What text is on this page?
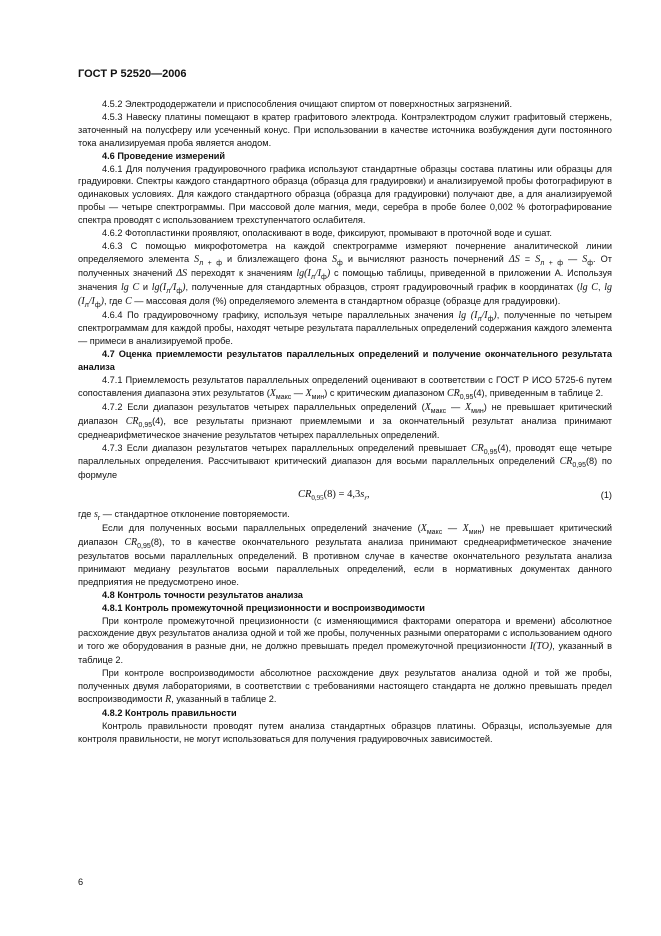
ГОСТ Р 52520—2006

4.5.2 Электрододержатели и приспособления очищают спиртом от поверхностных загрязнений.

4.5.3 Навеску платины помещают в кратер графитового электрода. Контрэлектродом служит графитовый стержень, заточенный на полусферу или усеченный конус. При использовании в качестве источника возбуждения дуги постоянного тока анализируемая проба является анодом.

4.6 Проведение измерений

4.6.1 Для получения градуировочного графика используют стандартные образцы состава платины или образцы для градуировки. Спектры каждого стандартного образца (образца для градуировки) и анализируемой пробы фотографируют в одинаковых условиях. Для каждого стандартного образца (образца для градуировки) получают две, а для анализируемой пробы — четыре спектрограммы. При массовой доле магния, меди, серебра в пробе более 0,002 % фотографирование спектра проводят с использованием трехступенчатого ослабителя.

4.6.2 Фотопластинки проявляют, ополаскивают в воде, фиксируют, промывают в проточной воде и сушат.

4.6.3 С помощью микрофотометра на каждой спектрограмме измеряют почернение аналитической линии определяемого элемента $S_{л + ф}$ и близлежащего фона $S_ф$ и вычисляют разность почернений $\Delta S = S_{л + ф}$ — $S_ф$. От полученных значений ΔS переходят к значениям $\lg(I_л/I_ф)$ с помощью таблицы, приведенной в приложении А. Используя значения lg C и $\lg(I_л/I_ф)$, полученные для стандартных образцов, строят градуировочный график в координатах (lg C, $\lg (I_л/I_ф)$, где C — массовая доля (%) определяемого элемента в стандартном образце (образце для градуировки).

4.6.4 По градуировочному графику, используя четыре параллельных значения $\lg (I_л/I_ф)$, полученные по четырем спектрограммам для каждой пробы, находят четыре результата параллельных определений содержания каждого элемента — примеси в анализируемой пробе.

4.7 Оценка приемлемости результатов параллельных определений и получение окончательного результата анализа

4.7.1 Приемлемость результатов параллельных определений оценивают в соответствии с ГОСТ Р ИСО 5725-6 путем сопоставления диапазона этих результатов ($X_{макс}$ — $X_{мин}$) с критическим диапазоном $CR_{0,95}(4)$, приведенным в таблице 2.

4.7.2 Если диапазон результатов четырех параллельных определений ($X_{макс}$ — $X_{мин}$) не превышает критический диапазон $CR_{0,95}(4)$, все результаты признают приемлемыми и за окончательный результат анализа принимают среднеарифметическое значение результатов четырех параллельных определений.

4.7.3 Если диапазон результатов четырех параллельных определений превышает $CR_{0,95}(4)$, проводят еще четыре параллельных определения. Рассчитывают критический диапазон для восьми параллельных определений $CR_{0,95}(8)$ по формуле

$CR_{0,95}(8) = 4,3s_r$,	(1)

где $s_r$ — стандартное отклонение повторяемости.

Если для полученных восьми параллельных определений значение ($X_{макс}$ — $X_{мин}$) не превышает критический диапазон $CR_{0,95}(8)$, то в качестве окончательного результата анализа принимают среднеарифметическое значение результатов восьми параллельных определений. В противном случае в качестве окончательного результата анализа принимают медиану результатов восьми параллельных определений, если в нормативных документах данного предприятия не предусмотрено иное.

4.8 Контроль точности результатов анализа

4.8.1 Контроль промежуточной прецизионности и воспроизводимости

При контроле промежуточной прецизионности (с изменяющимися факторами оператора и времени) абсолютное расхождение двух результатов анализа одной и той же пробы, полученных разными операторами с использованием одного и того же оборудования в разные дни, не должно превышать предел промежуточной прецизионности I(TO), указанный в таблице 2.

При контроле воспроизводимости абсолютное расхождение двух результатов анализа одной и той же пробы, полученных двумя лабораториями, в соответствии с требованиями настоящего стандарта не должно превышать предел воспроизводимости R, указанный в таблице 2.

4.8.2 Контроль правильности

Контроль правильности проводят путем анализа стандартных образцов платины. Образцы, используемые для контроля правильности, не могут использоваться для получения градуировочных зависимостей.

6
